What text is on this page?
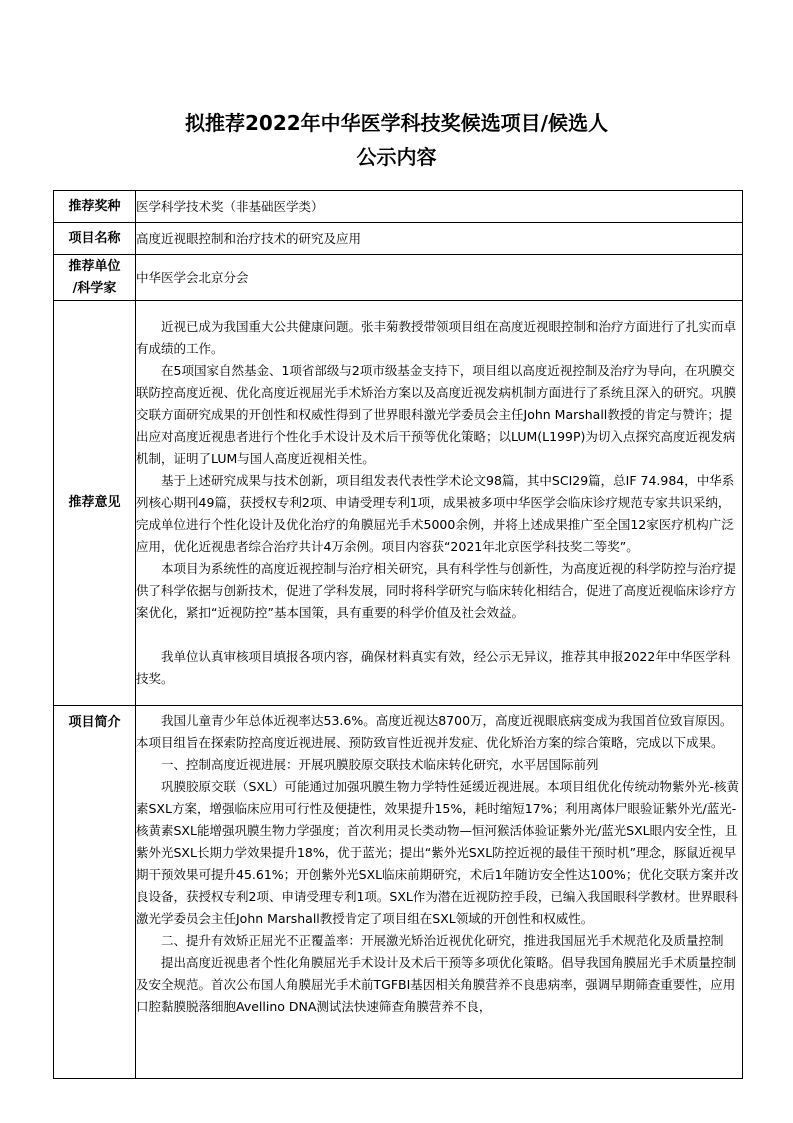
拟推荐2022年中华医学科技奖候选项目/候选人
公示内容
推荐奖种	医学科学技术奖（非基础医学类）
项目名称	高度近视眼控制和治疗技术的研究及应用

推荐单位
/科学家	中华医学会北京分会
推荐意见	近视已成为我国重大公共健康问题。张丰菊教授带领项目组在高度近视眼控制和治疗方面进行了扎实而卓有成绩的工作。

在5项国家自然基金、1项省部级与2项市级基金支持下，项目组以高度近视控制及治疗为导向，在巩膜交联防控高度近视、优化高度近视屈光手术矫治方案以及高度近视发病机制方面进行了系统且深入的研究。巩膜交联方面研究成果的开创性和权威性得到了世界眼科激光学委员会主任John Marshall教授的肯定与赞许；提出应对高度近视患者进行个性化手术设计及术后干预等优化策略；以LUM(L199P)为切入点探究高度近视发病机制，证明了LUM与国人高度近视相关性。

基于上述研究成果与技术创新，项目组发表代表性学术论文98篇，其中SCI29篇，总IF 74.984，中华系列核心期刊49篇，获授权专利2项、申请受理专利1项，成果被多项中华医学会临床诊疗规范专家共识采纳，完成单位进行个性化设计及优化治疗的角膜屈光手术5000余例，并将上述成果推广至全国12家医疗机构广泛应用，优化近视患者综合治疗共计4万余例。项目内容获“2021年北京医学科技奖二等奖”。

本项目为系统性的高度近视控制与治疗相关研究，具有科学性与创新性，为高度近视的科学防控与治疗提供了科学依据与创新技术，促进了学科发展，同时将科学研究与临床转化相结合，促进了高度近视临床诊疗方案优化，紧扣“近视防控”基本国策，具有重要的科学价值及社会效益。

我单位认真审核项目填报各项内容，确保材料真实有效，经公示无异议，推荐其申报2022年中华医学科技奖。

项目简介	我国儿童青少年总体近视率达53.6%。高度近视达8700万，高度近视眼底病变成为我国首位致盲原因。本项目组旨在探索防控高度近视进展、预防致盲性近视并发症、优化矫治方案的综合策略，完成以下成果。

一、控制高度近视进展：开展巩膜胶原交联技术临床转化研究，水平居国际前列

巩膜胶原交联（SXL）可能通过加强巩膜生物力学特性延缓近视进展。本项目组优化传统动物紫外光-核黄素SXL方案，增强临床应用可行性及便捷性，效果提升15%，耗时缩短17%；利用离体尸眼验证紫外光/蓝光-核黄素SXL能增强巩膜生物力学强度；首次利用灵长类动物—恒河猴活体验证紫外光/蓝光SXL眼内安全性，且紫外光SXL长期力学效果提升18%，优于蓝光；提出“紫外光SXL防控近视的最佳干预时机”理念，豚鼠近视早期干预效果可提升45.61%；开创紫外光SXL临床前期研究，术后1年随访安全性达100%；优化交联方案并改良设备，获授权专利2项、申请受理专利1项。SXL作为潜在近视防控手段，已编入我国眼科学教材。世界眼科激光学委员会主任John Marshall教授肯定了项目组在SXL领域的开创性和权威性。

二、提升有效矫正屈光不正覆盖率：开展激光矫治近视优化研究，推进我国屈光手术规范化及质量控制

提出高度近视患者个性化角膜屈光手术设计及术后干预等多项优化策略。倡导我国角膜屈光手术质量控制及安全规范。首次公布国人角膜屈光手术前TGFBI基因相关角膜营养不良患病率，强调早期筛查重要性，应用口腔黏膜脱落细胞Avellino DNA测试法快速筛查角膜营养不良，
